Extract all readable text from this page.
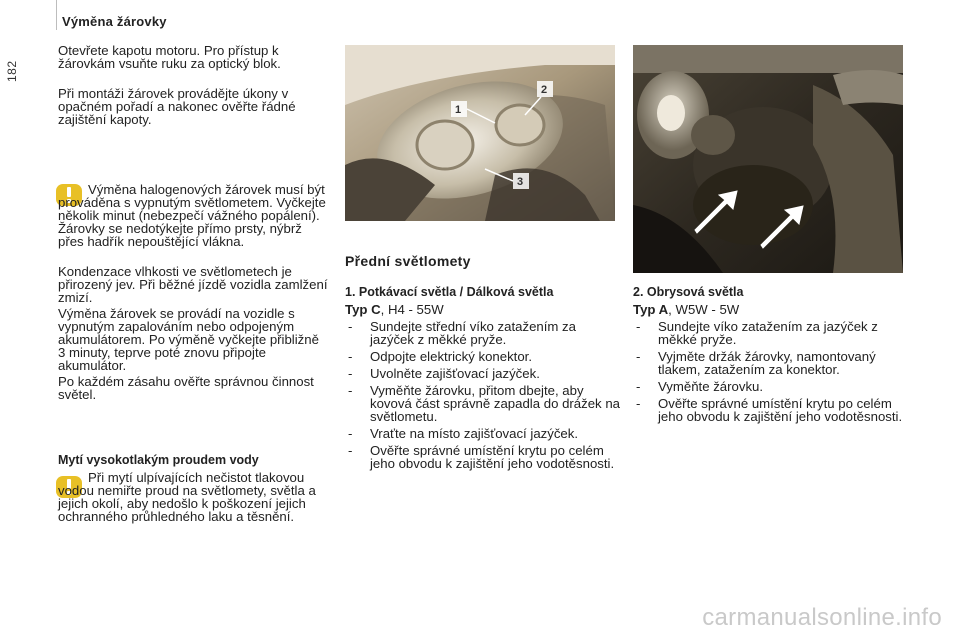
182
Výměna žárovky

Otevřete kapotu motoru. Pro přístup k žárovkám vsuňte ruku za optický blok.

Při montáži žárovek provádějte úkony v opačném pořadí a nakonec ověřte řádné zajištění kapoty.

Výměna halogenových žárovek musí být prováděna s vypnutým světlometem. Vyčkejte několik minut (nebezpečí vážného popálení). Žárovky se nedotýkejte přímo prsty, nýbrž přes hadřík nepouštějící vlákna.

Kondenzace vlhkosti ve světlometech je přirozený jev. Při běžné jízdě vozidla zamlžení zmizí.

Výměna žárovek se provádí na vozidle s vypnutým zapalováním nebo odpojeným akumulátorem. Po výměně vyčkejte přibližně 3 minuty, teprve poté znovu připojte akumulátor.

Po každém zásahu ověřte správnou činnost světel.

Mytí vysokotlakým proudem vody

Při mytí ulpívajících nečistot tlakovou vodou nemiřte proud na světlomety, světla a jejich okolí, aby nedošlo k poškození jejich ochranného průhledného laku a těsnění.

1
2
3
Přední světlomety
1. Potkávací světla / Dálková světla
Typ C, H4 - 55W
- Sundejte střední víko zatažením za jazýček z měkké pryže.
- Odpojte elektrický konektor.
- Uvolněte zajišťovací jazýček.
- Vyměňte žárovku, přitom dbejte, aby kovová část správně zapadla do drážek na světlometu.
- Vraťte na místo zajišťovací jazýček.
- Ověřte správné umístění krytu po celém jeho obvodu k zajištění jeho vodotěsnosti.
2. Obrysová světla
Typ A, W5W - 5W
- Sundejte víko zatažením za jazýček z měkké pryže.
- Vyjměte držák žárovky, namontovaný tlakem, zatažením za konektor.
- Vyměňte žárovku.
- Ověřte správné umístění krytu po celém jeho obvodu k zajištění jeho vodotěsnosti.
carmanualsonline.info
